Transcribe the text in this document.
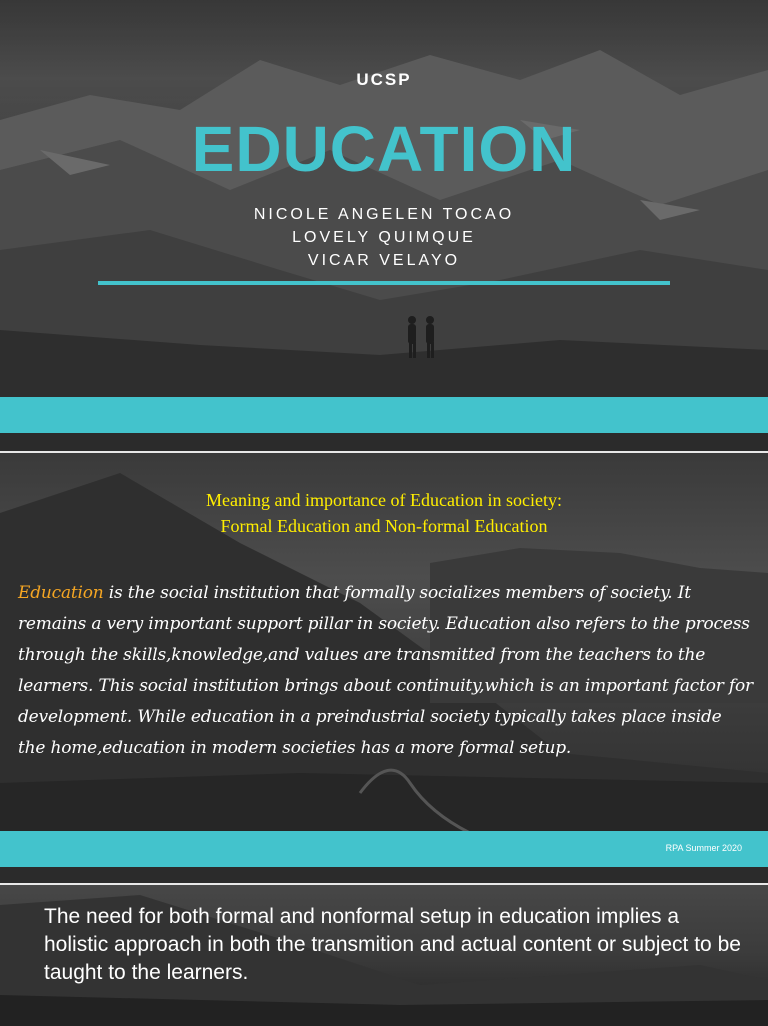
UCSP
EDUCATION
NICOLE ANGELEN TOCAO
LOVELY QUIMQUE
VICAR VELAYO
Meaning and importance of Education in society:
Formal Education and Non-formal Education
Education is the social institution that formally socializes members of society. It remains a very important support pillar in society. Education also refers to the process through the skills,knowledge,and values are transmitted from the teachers to the learners. This social institution brings about continuity,which is an important factor for development. While education in a preindustrial society typically takes place inside the home,education in modern societies has a more formal setup.
RPA Summer 2020
The need for both formal and nonformal setup in education implies a holistic approach in both the transmition and actual content or subject to be taught to the learners.
